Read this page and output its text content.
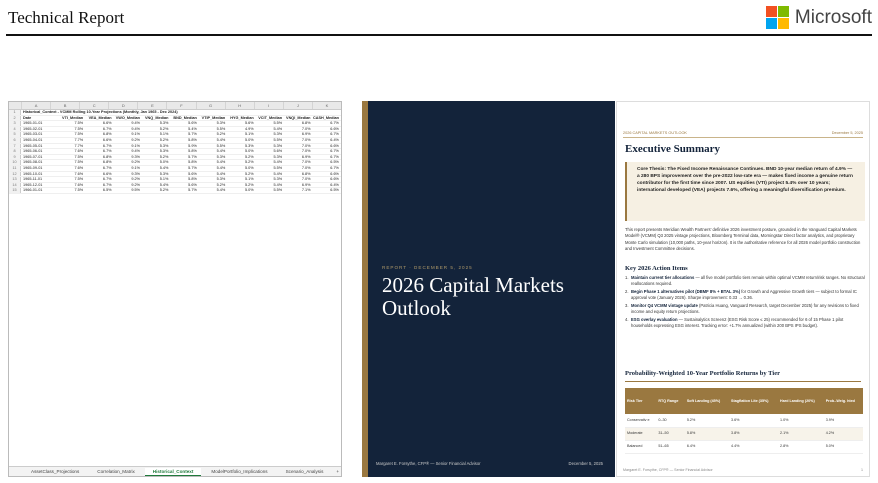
Technical Report	Microsoft
A	B	C	D	E	F	G	H	I	J	K
1	Historical_Context - VCMM Rolling 10-Year Projections (Monthly, Jan 1965 - Dec 2024)
2	Date	VTI_Median	VEA_Median	VWO_Median	VNQ_Median	BND_Median	VTIP_Median	HYG_Median	VCIT_Median	VNQI_Median CASH_Median
3	1965-01-01	7.5%	6.6%	9.4%	5.3%	5.6%	5.3%	5.6%	5.5%	6.8%	6.7%
4	1965-02-01	7.5%	6.7%	9.4%	5.2%	5.4%	5.5%	4.9%	5.4%	7.0%	6.6%
5	1965-03-01	7.5%	6.8%	9.1%	5.1%	5.7%	5.2%	5.1%	5.3%	6.9%	6.7%
6	1965-04-01	7.7%	6.6%	9.2%	5.2%	5.8%	5.4%	5.0%	5.5%	7.0%	6.4%
7	1965-05-01	7.7%	6.7%	9.1%	5.3%	5.9%	5.5%	5.3%	5.3%	7.0%	6.6%
8	1965-06-01	7.6%	6.7%	9.4%	5.3%	5.8%	5.4%	5.0%	5.6%	7.0%	6.7%
9	1965-07-01	7.5%	6.8%	9.3%	5.2%	5.7%	5.3%	5.2%	5.3%	6.9%	6.7%
10	1965-08-01	7.5%	6.8%	9.2%	5.0%	5.8%	5.4%	5.2%	5.4%	7.0%	6.5%
11	1965-09-01	7.6%	6.7%	9.1%	5.4%	5.7%	5.4%	5.0%	5.5%	7.0%	6.7%
12	1965-10-01	7.6%	6.6%	9.3%	5.3%	5.6%	5.4%	5.2%	5.4%	6.8%	6.6%
13	1965-11-01	7.5%	6.7%	9.2%	5.1%	5.8%	5.3%	5.1%	5.3%	7.0%	6.6%
14	1965-12-01	7.6%	6.7%	9.2%	5.4%	5.6%	5.2%	5.2%	5.4%	6.9%	6.4%
15	1966-01-01	7.5%	6.5%	9.5%	5.2%	5.7%	5.4%	5.0%	5.5%	7.1%	6.5%
AssetClass_Projections	Correlation_Matrix	Historical_Context	ModelPortfolio_Implications	Scenario_Analysis	+
REPORT · DECEMBER 5, 2025
2026 Capital Markets Outlook
Margaret E. Forsythe, CFP® — Senior Financial Advisor	December 5, 2025
2026 CAPITAL MARKETS OUTLOOK	December 5, 2025
Executive Summary
Core Thesis: The Fixed Income Renaissance Continues. BND 10-year median return of 4.9% — a 280 BPS improvement over the pre-2022 low-rate era — makes fixed income a genuine return contributor for the first time since 2007. US equities (VTI) project 5.4% over 10 years; international developed (VEA) projects 7.6%, offering a meaningful diversification premium.
This report presents Meridian Wealth Partners' definitive 2026 investment posture, grounded in the Vanguard Capital Markets Model® (VCMM) Q3 2025 vintage projections, Bloomberg Terminal data, Morningstar Direct factor analytics, and proprietary Monte Carlo simulation (10,000 paths, 10-year horizon). It is the authoritative reference for all 2026 model portfolio construction and Investment Committee decisions.
Key 2026 Action Items
1. Maintain current tier allocations — all five model portfolio tiers remain within optimal VCMM return/risk ranges. No structural reallocations required.
2. Begin Phase 1 alternatives pilot (DBMF 8% + BTAL 3%) for Growth and Aggressive Growth tiers — subject to formal IC approval vote (January 2026). Sharpe improvement: 0.33 → 0.36.
3. Monitor Q4 VCMM vintage update (Patricia Huang, Vanguard Research, target December 2025) for any revisions to fixed income and equity return projections.
4. ESG overlay evaluation — Sustainalytics Screen2 (ESG Risk Score ≤ 25) recommended for 6 of 15 Phase 1 pilot households expressing ESG interest. Tracking error: +1.7% annualized (within 200 BPS IPS budget).
Probability-Weighted 10-Year Portfolio Returns by Tier
Risk Tier	RTQ Range	Soft Landing (45%)	Stagflation Lite (35%)	Hard Landing (20%)	Prob.-Weig. hted
Conservativ e	0–30	5.2%	3.6%	1.0%	3.9%
Moderate	31–50	5.8%	3.8%	2.1%	4.2%
Balanced	51–65	6.4%	4.4%	2.8%	5.0%
Margaret E. Forsythe, CFP® — Senior Financial Advisor	1
